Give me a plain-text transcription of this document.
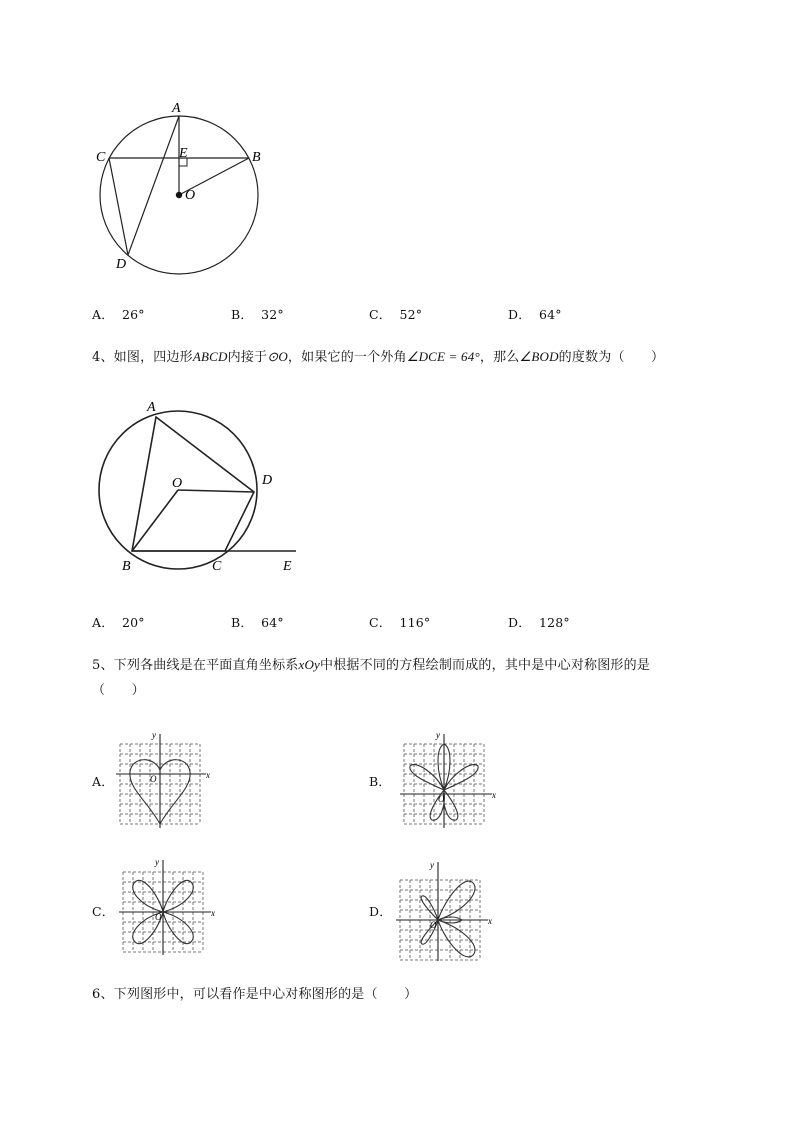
A
C	E	B
O
D
A． 26°	B． 32°	C． 52°	D． 64°
4、如图，四边形ABCD内接于⊙O，如果它的一个外角∠DCE = 64°，那么∠BOD的度数为（　　）
A
O	D
B	C	E
A． 20°	B． 64°	C． 116°	D． 128°
5、下列各曲线是在平面直角坐标系xOy中根据不同的方程绘制而成的，其中是中心对称图形的是
（　　）
A．	x
y
O	B．
x
y
O
C．	x
y
O	D．
x
y
O
6、下列图形中，可以看作是中心对称图形的是（　　）
